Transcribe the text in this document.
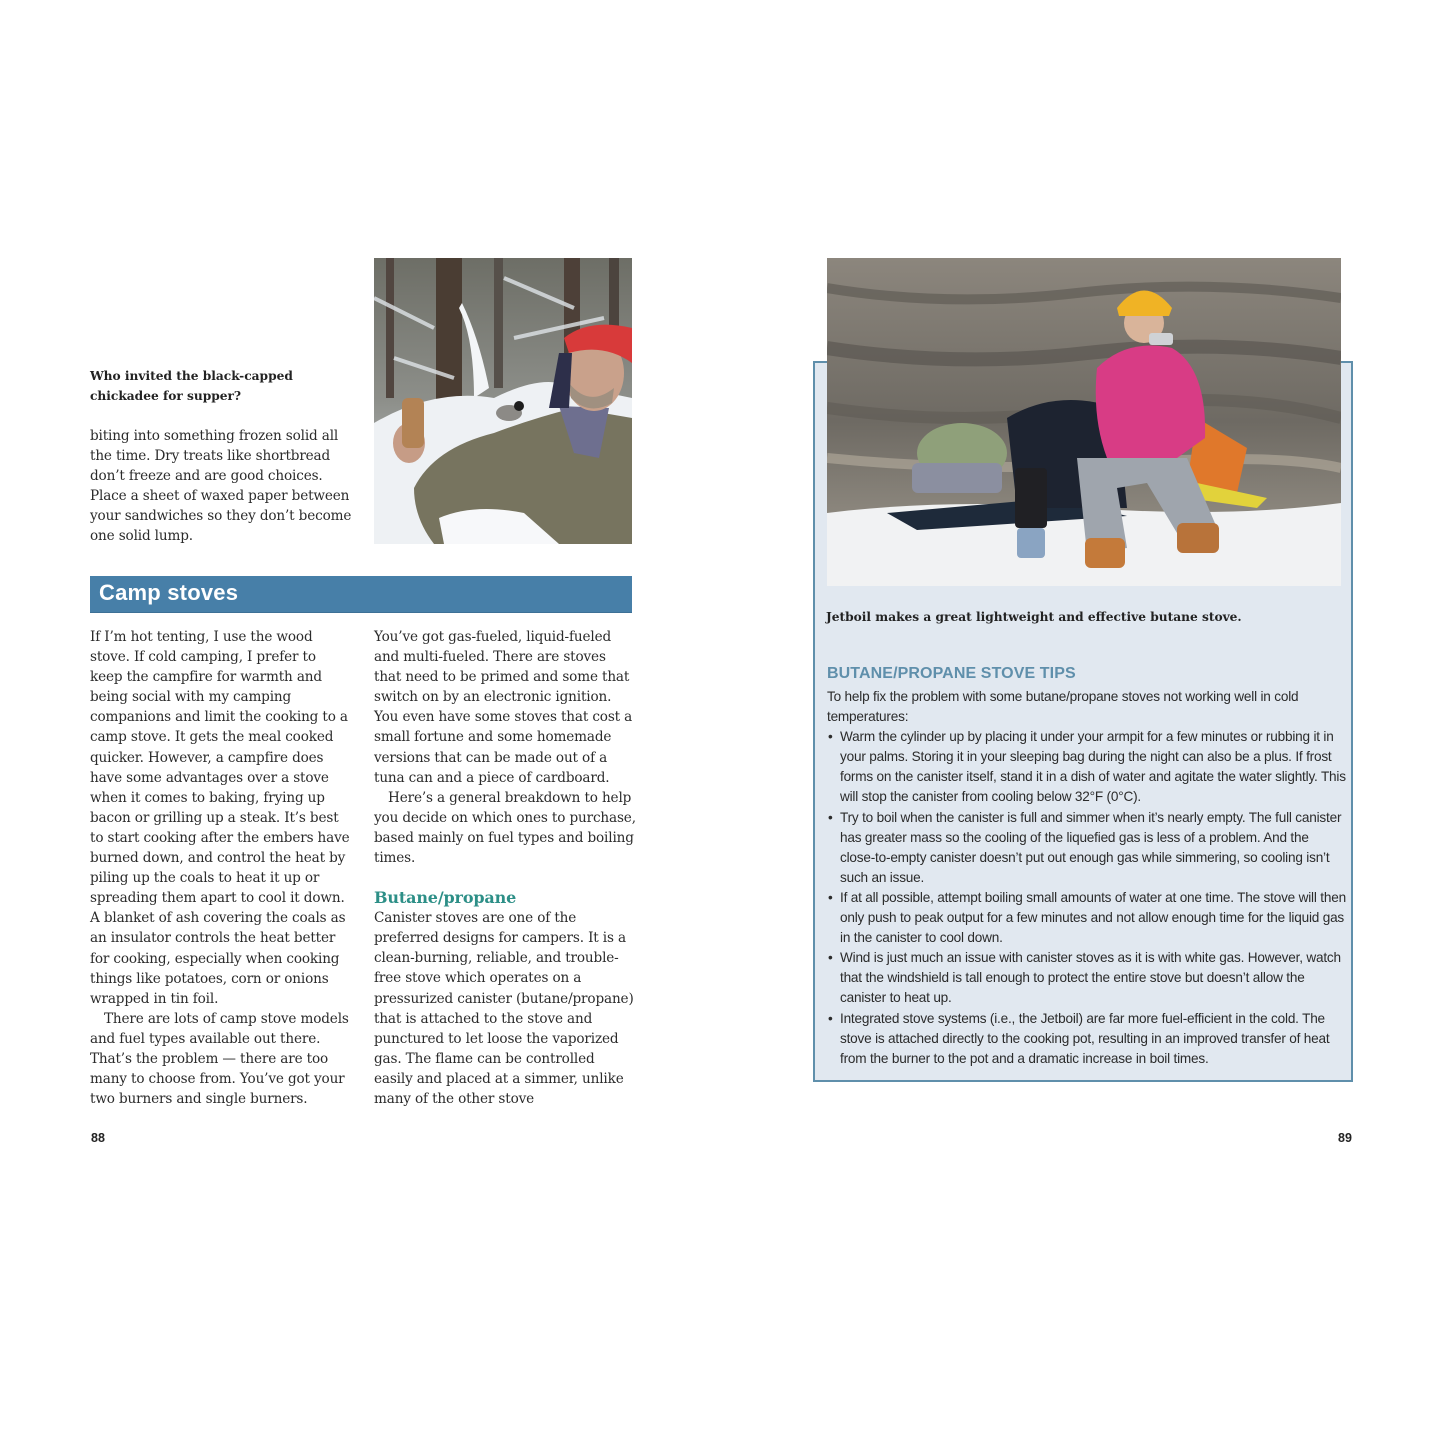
Who invited the black-capped chickadee for supper?

biting into something frozen solid all the time. Dry treats like shortbread don’t freeze and are good choices. Place a sheet of waxed paper between your sandwiches so they don’t become one solid lump.

Camp stoves

If I’m hot tenting, I use the wood stove. If cold camping, I prefer to keep the campfire for warmth and being social with my camping companions and limit the cooking to a camp stove. It gets the meal cooked quicker. However, a campfire does have some advantages over a stove when it comes to baking, frying up bacon or grilling up a steak. It’s best to start cooking after the embers have burned down, and control the heat by piling up the coals to heat it up or spreading them apart to cool it down. A blanket of ash covering the coals as an insulator controls the heat better for cooking, especially when cooking things like potatoes, corn or onions wrapped in tin foil.

There are lots of camp stove models and fuel types available out there. That’s the problem — there are too many to choose from. You’ve got your two burners and single burners.

You’ve got gas-fueled, liquid-fueled and multi-fueled. There are stoves that need to be primed and some that switch on by an electronic ignition. You even have some stoves that cost a small fortune and some homemade versions that can be made out of a tuna can and a piece of cardboard.

Here’s a general breakdown to help you decide on which ones to purchase, based mainly on fuel types and boiling times.

Butane/propane

Canister stoves are one of the preferred designs for campers. It is a clean-burning, reliable, and trouble-free stove which operates on a pressurized canister (butane/propane) that is attached to the stove and punctured to let loose the vaporized gas. The flame can be controlled easily and placed at a simmer, unlike many of the other stove

88
Jetboil makes a great lightweight and effective butane stove.
BUTANE/PROPANE STOVE TIPS

To help fix the problem with some butane/propane stoves not working well in cold temperatures:

• Warm the cylinder up by placing it under your armpit for a few minutes or rubbing it in your palms. Storing it in your sleeping bag during the night can also be a plus. If frost forms on the canister itself, stand it in a dish of water and agitate the water slightly. This will stop the canister from cooling below 32°F (0°C).
• Try to boil when the canister is full and simmer when it’s nearly empty. The full canister has greater mass so the cooling of the liquefied gas is less of a problem. And the close-to-empty canister doesn’t put out enough gas while simmering, so cooling isn’t such an issue.
• If at all possible, attempt boiling small amounts of water at one time. The stove will then only push to peak output for a few minutes and not allow enough time for the liquid gas in the canister to cool down.
• Wind is just much an issue with canister stoves as it is with white gas. However, watch that the windshield is tall enough to protect the entire stove but doesn’t allow the canister to heat up.
• Integrated stove systems (i.e., the Jetboil) are far more fuel-efficient in the cold. The stove is attached directly to the cooking pot, resulting in an improved transfer of heat from the burner to the pot and a dramatic increase in boil times.
89
